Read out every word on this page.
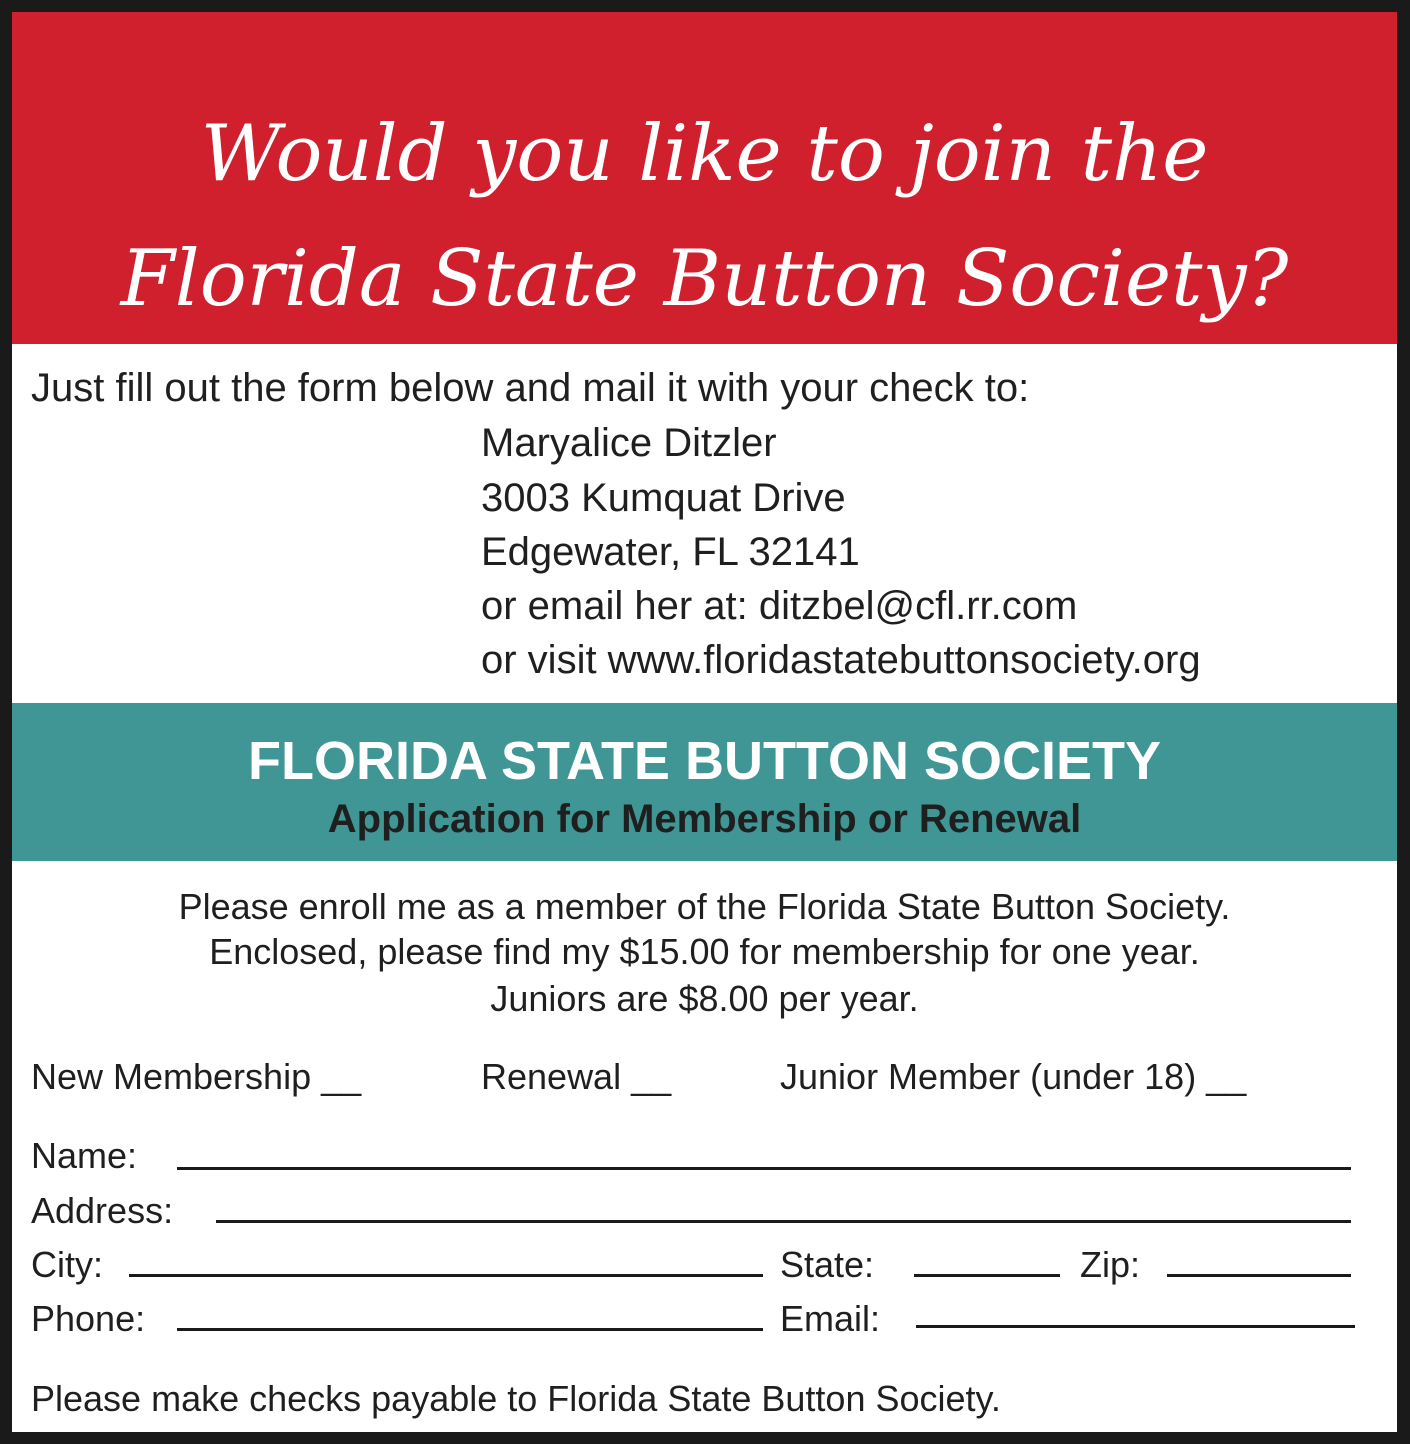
Would you like to join the
Florida State Button Society?
Just fill out the form below and mail it with your check to:
Maryalice Ditzler
3003 Kumquat Drive
Edgewater, FL 32141
or email her at: ditzbel@cfl.rr.com
or visit www.floridastatebuttonsociety.org
FLORIDA STATE BUTTON SOCIETY
Application for Membership or Renewal
Please enroll me as a member of the Florida State Button Society.
Enclosed, please find my $15.00 for membership for one year.
Juniors are $8.00 per year.
New Membership __	Renewal __	Junior Member (under 18) __
Name:
Address:
City:	State:	Zip:
Phone:	Email:
Please make checks payable to Florida State Button Society.
